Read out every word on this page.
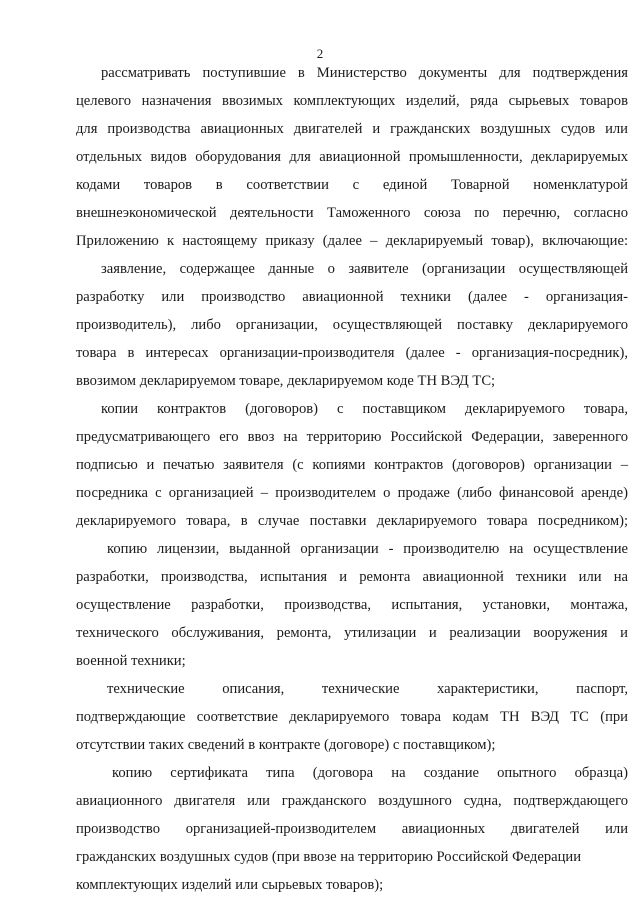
2
рассматривать поступившие в Министерство документы для подтверждения
целевого назначения ввозимых комплектующих изделий, ряда сырьевых товаров
для производства авиационных двигателей и гражданских воздушных судов или
отдельных видов оборудования для авиационной промышленности, декларируемых
кодами товаров в соответствии с единой Товарной номенклатурой
внешнеэкономической деятельности Таможенного союза по перечню, согласно
Приложению к настоящему приказу (далее – декларируемый товар), включающие:
заявление, содержащее данные о заявителе (организации осуществляющей
разработку или производство авиационной техники (далее - организация-
производитель), либо организации, осуществляющей поставку декларируемого
товара в интересах организации-производителя (далее - организация-посредник),
ввозимом декларируемом товаре, декларируемом коде ТН ВЭД ТС;
копии контрактов (договоров) с поставщиком декларируемого товара,
предусматривающего его ввоз на территорию Российской Федерации, заверенного
подписью и печатью заявителя (с копиями контрактов (договоров) организации –
посредника с организацией – производителем о продаже (либо финансовой аренде)
декларируемого товара, в случае поставки декларируемого товара посредником);
копию лицензии, выданной организации - производителю на осуществление
разработки, производства, испытания и ремонта авиационной техники или на
осуществление разработки, производства, испытания, установки, монтажа,
технического обслуживания, ремонта, утилизации и реализации вооружения и
военной техники;
технические описания, технические характеристики, паспорт,
подтверждающие соответствие декларируемого товара кодам ТН ВЭД ТС (при
отсутствии таких сведений в контракте (договоре) с поставщиком);
копию сертификата типа (договора на создание опытного образца)
авиационного двигателя или гражданского воздушного судна, подтверждающего
производство организацией-производителем авиационных двигателей или
гражданских воздушных судов (при ввозе на территорию Российской Федерации
комплектующих изделий или сырьевых товаров);
